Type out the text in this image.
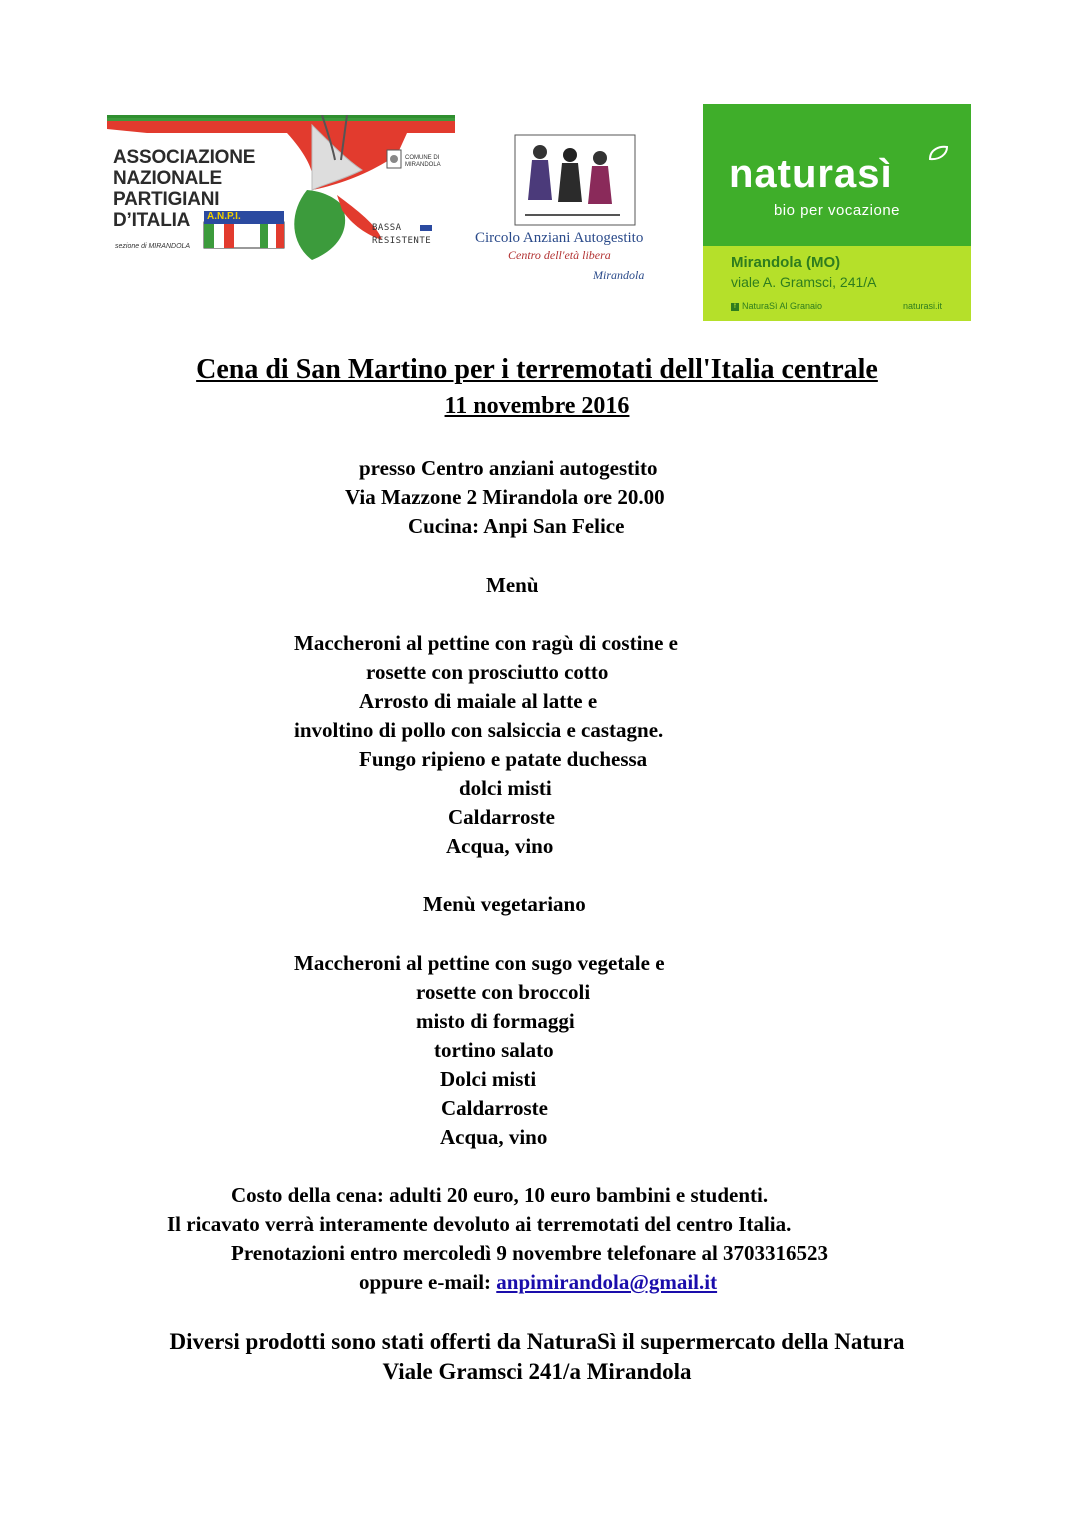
ASSOCIAZIONE
NAZIONALE
PARTIGIANI
D’ITALIA A.N.P.I.
sezione di MIRANDOLA
COMUNE DI
MIRANDOLA
BASSA
RESISTENTE	Circolo Anziani Autogestito
Centro dell'età libera
Mirandola
naturasì
bio per vocazione
Mirandola (MO)
viale A. Gramsci, 241/A
f NaturaSì Al Granaio	naturasi.it
Cena di San Martino per i terremotati dell'Italia centrale
11 novembre 2016
presso Centro anziani autogestito
Via Mazzone 2 Mirandola ore 20.00
Cucina: Anpi San Felice
Menù
Maccheroni al pettine con ragù di costine e
rosette con prosciutto cotto
Arrosto di maiale al latte e
involtino di pollo con salsiccia e castagne.
Fungo ripieno e patate duchessa
dolci misti
Caldarroste
Acqua, vino
Menù vegetariano
Maccheroni al pettine con sugo vegetale e
rosette con broccoli
misto di formaggi
tortino salato
Dolci misti
Caldarroste
Acqua, vino
Costo della cena: adulti 20 euro, 10 euro bambini e studenti.
Il ricavato verrà interamente devoluto ai terremotati del centro Italia.
Prenotazioni entro mercoledì 9 novembre telefonare al 3703316523
oppure e-mail: anpimirandola@gmail.it
Diversi prodotti sono stati offerti da NaturaSì il supermercato della Natura
Viale Gramsci 241/a Mirandola
